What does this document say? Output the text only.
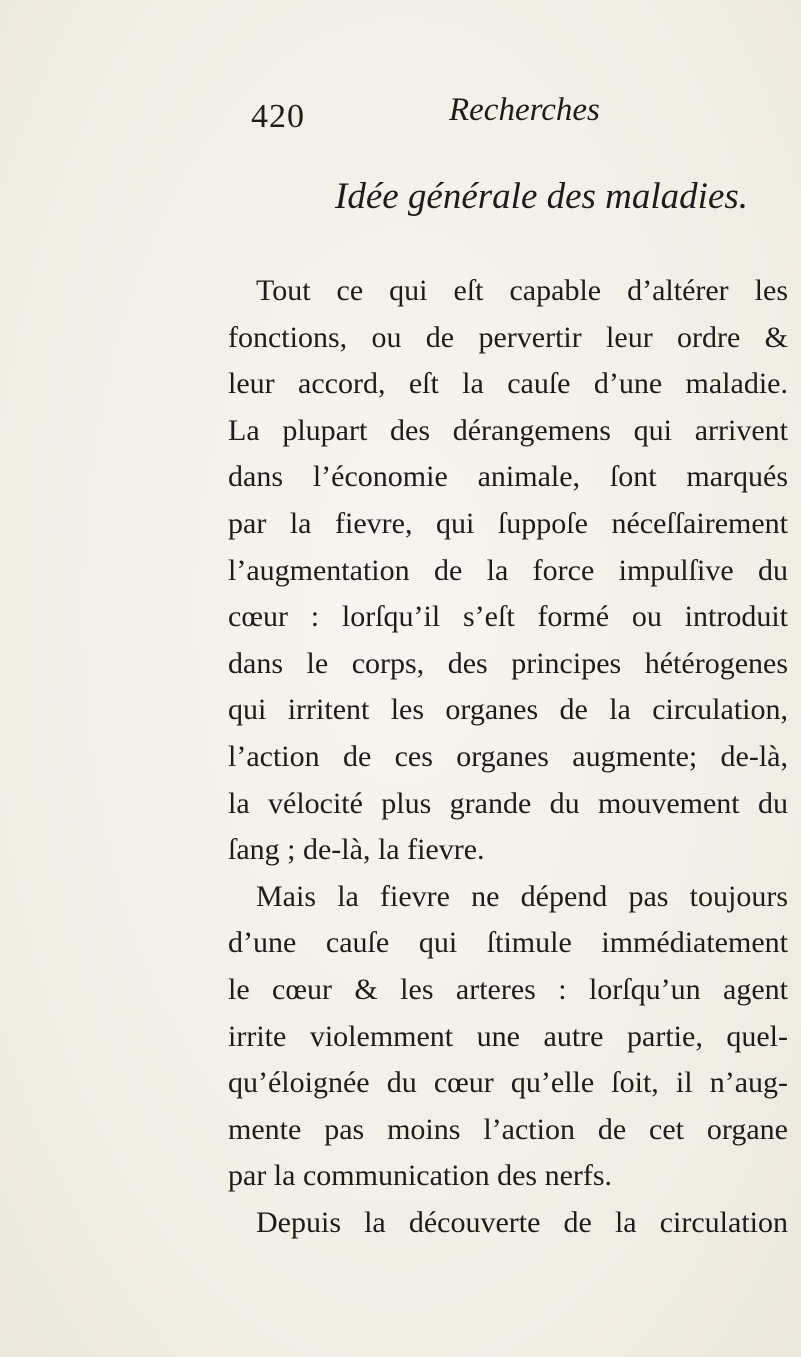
420	Recherches
Idée générale des maladies.
Tout ce qui eſt capable d’altérer les
fonctions, ou de pervertir leur ordre &
leur accord, eſt la cauſe d’une maladie.
La plupart des dérangemens qui arrivent
dans l’économie animale, ſont marqués
par la fievre, qui ſuppoſe néceſſairement
l’augmentation de la force impulſive du
cœur : lorſqu’il s’eſt formé ou introduit
dans le corps, des principes hétérogenes
qui irritent les organes de la circulation,
l’action de ces organes augmente; de-là,
la vélocité plus grande du mouvement du
ſang ; de-là, la fievre.
Mais la fievre ne dépend pas toujours
d’une cauſe qui ſtimule immédiatement
le cœur & les arteres : lorſqu’un agent
irrite violemment une autre partie, quel-
qu’éloignée du cœur qu’elle ſoit, il n’aug-
mente pas moins l’action de cet organe
par la communication des nerfs.
Depuis la découverte de la circulation
